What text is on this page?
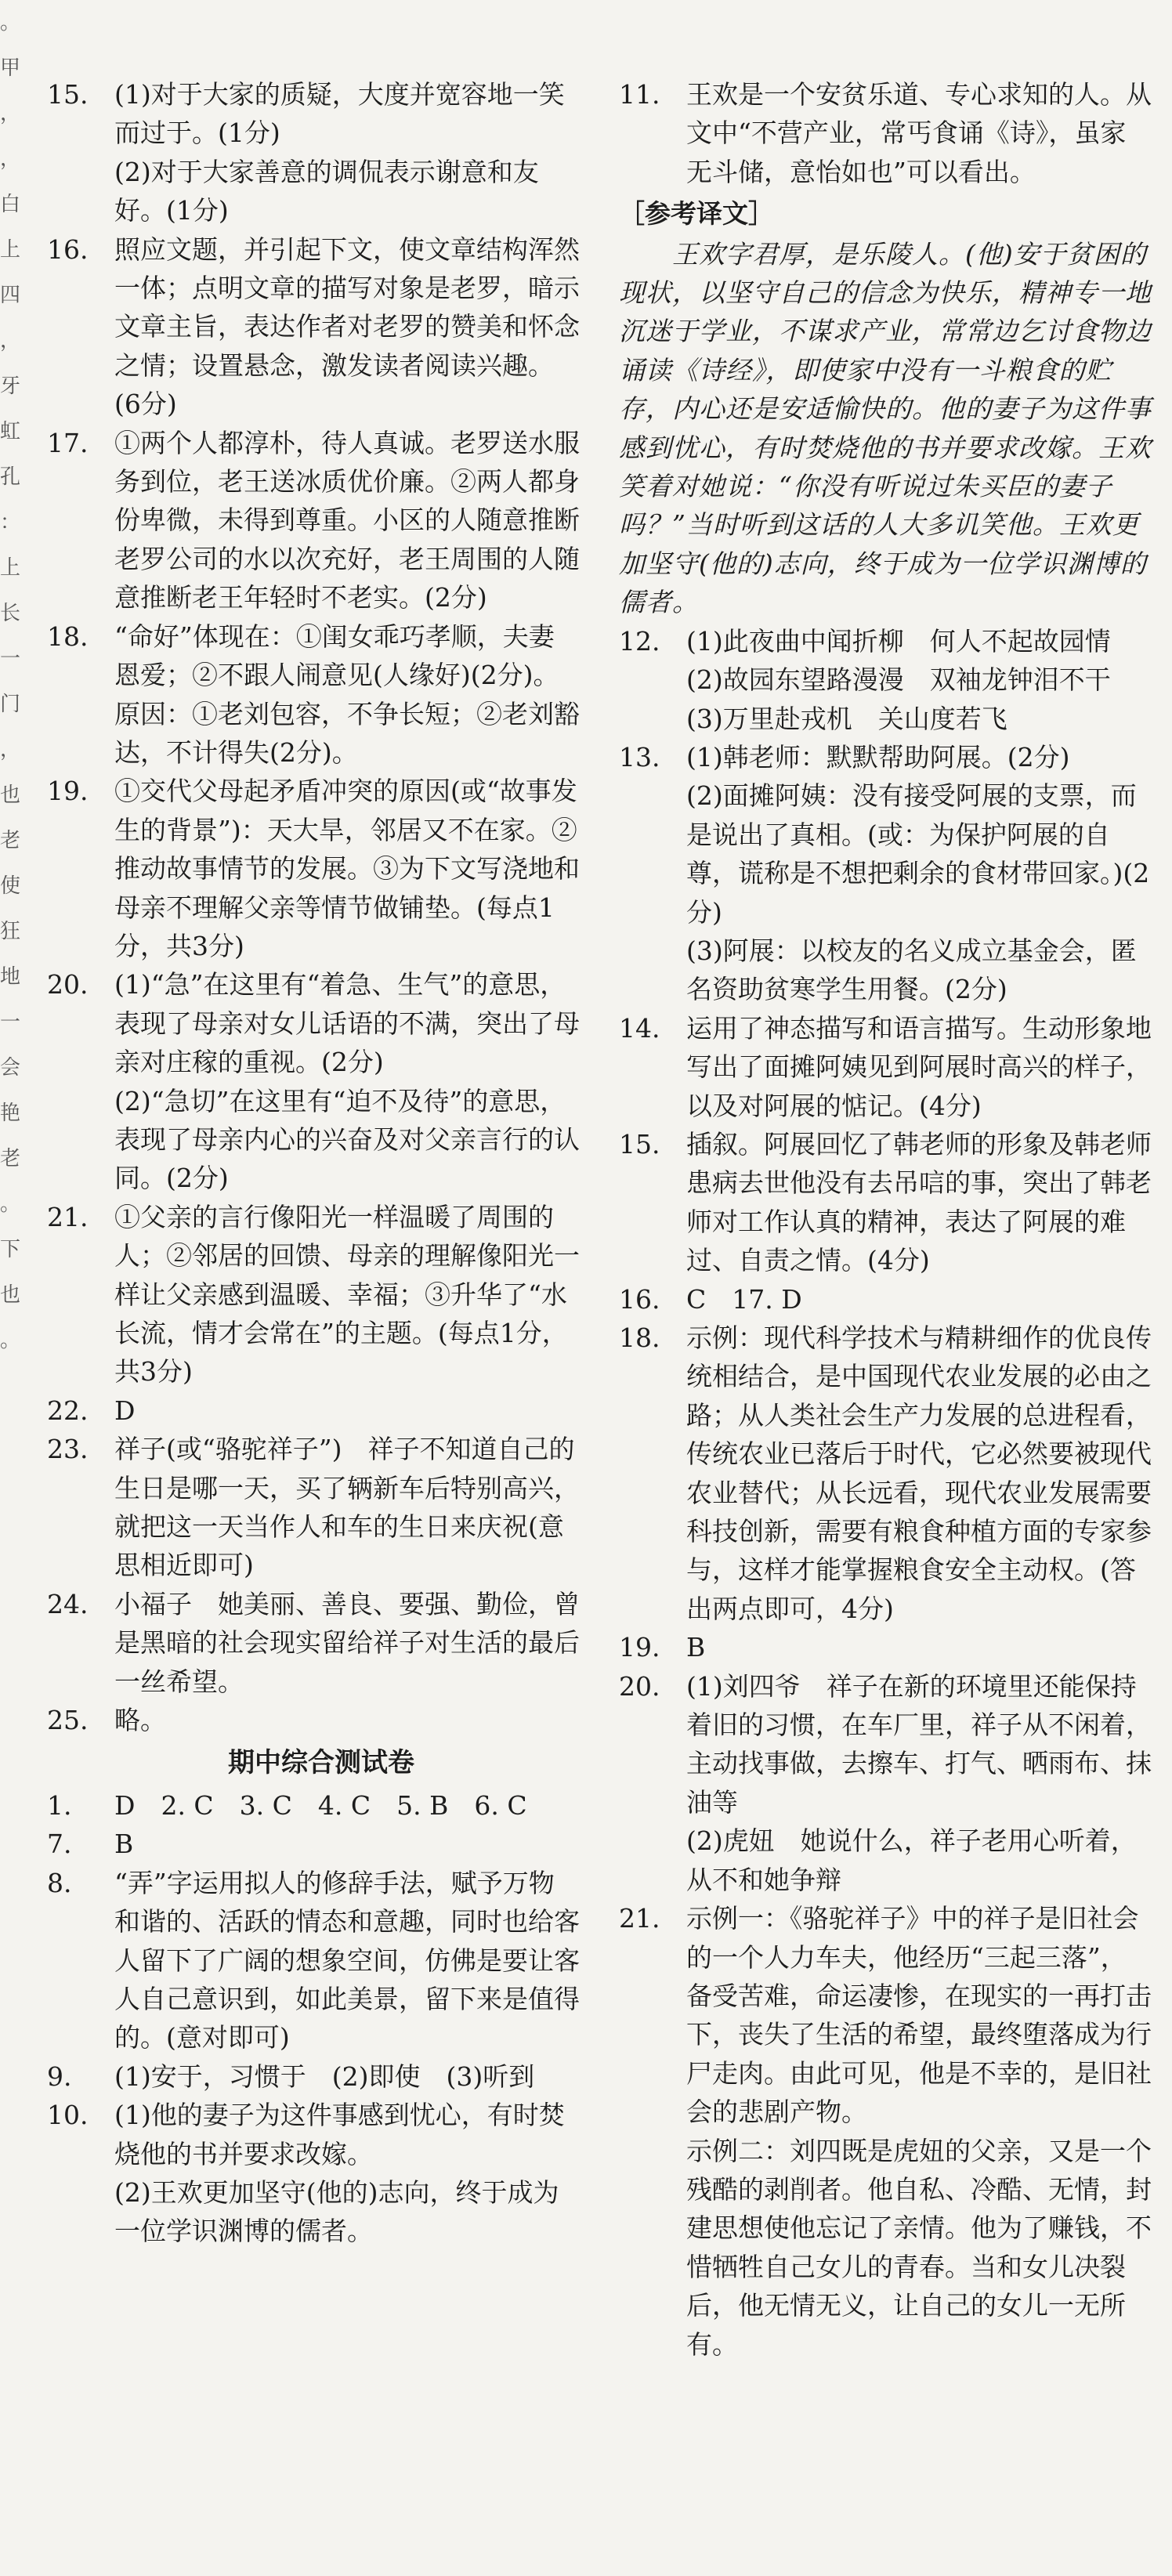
。
甲
，
，
白
上
四
，
牙
虹
孔
：
上
长
一
门
，
也
老
使
狂
地
一
会
艳
老
。
下
也
。
15. (1)对于大家的质疑，大度并宽容地一笑而过于。(1分)

(2)对于大家善意的调侃表示谢意和友好。(1分)

16. 照应文题，并引起下文，使文章结构浑然一体；点明文章的描写对象是老罗，暗示文章主旨，表达作者对老罗的赞美和怀念之情；设置悬念，激发读者阅读兴趣。(6分)

17. ①两个人都淳朴，待人真诚。老罗送水服务到位，老王送冰质优价廉。②两人都身份卑微，未得到尊重。小区的人随意推断老罗公司的水以次充好，老王周围的人随意推断老王年轻时不老实。(2分)

18. “命好”体现在：①闺女乖巧孝顺，夫妻恩爱；②不跟人闹意见(人缘好)(2分)。

原因：①老刘包容，不争长短；②老刘豁达，不计得失(2分)。

19. ①交代父母起矛盾冲突的原因(或“故事发生的背景”)：天大旱，邻居又不在家。②推动故事情节的发展。③为下文写浇地和母亲不理解父亲等情节做铺垫。(每点1分，共3分)

20. (1)“急”在这里有“着急、生气”的意思，表现了母亲对女儿话语的不满，突出了母亲对庄稼的重视。(2分)

(2)“急切”在这里有“迫不及待”的意思，表现了母亲内心的兴奋及对父亲言行的认同。(2分)

21. ①父亲的言行像阳光一样温暖了周围的人；②邻居的回馈、母亲的理解像阳光一样让父亲感到温暖、幸福；③升华了“水长流，情才会常在”的主题。(每点1分，共3分)

22. D

23. 祥子(或“骆驼祥子”)　祥子不知道自己的生日是哪一天，买了辆新车后特别高兴，就把这一天当作人和车的生日来庆祝(意思相近即可)

24. 小福子　她美丽、善良、要强、勤俭，曾是黑暗的社会现实留给祥子对生活的最后一丝希望。

25. 略。

期中综合测试卷
1. D　2. C　3. C　4. C　5. B　6. C

7. B

8. “弄”字运用拟人的修辞手法，赋予万物和谐的、活跃的情态和意趣，同时也给客人留下了广阔的想象空间，仿佛是要让客人自己意识到，如此美景，留下来是值得的。(意对即可)

9. (1)安于，习惯于　(2)即使　(3)听到

10. (1)他的妻子为这件事感到忧心，有时焚烧他的书并要求改嫁。

(2)王欢更加坚守(他的)志向，终于成为一位学识渊博的儒者。

11. 王欢是一个安贫乐道、专心求知的人。从文中“不营产业，常丐食诵《诗》，虽家无斗储，意怡如也”可以看出。

［参考译文］

王欢字君厚，是乐陵人。(他)安于贫困的现状，以坚守自己的信念为快乐，精神专一地沉迷于学业，不谋求产业，常常边乞讨食物边诵读《诗经》，即使家中没有一斗粮食的贮存，内心还是安适愉快的。他的妻子为这件事感到忧心，有时焚烧他的书并要求改嫁。王欢笑着对她说：“你没有听说过朱买臣的妻子吗？”当时听到这话的人大多讥笑他。王欢更加坚守(他的)志向，终于成为一位学识渊博的儒者。

12. (1)此夜曲中闻折柳　何人不起故园情

(2)故园东望路漫漫　双袖龙钟泪不干

(3)万里赴戎机　关山度若飞

13. (1)韩老师：默默帮助阿展。(2分)

(2)面摊阿姨：没有接受阿展的支票，而是说出了真相。(或：为保护阿展的自尊，谎称是不想把剩余的食材带回家。)(2分)

(3)阿展：以校友的名义成立基金会，匿名资助贫寒学生用餐。(2分)

14. 运用了神态描写和语言描写。生动形象地写出了面摊阿姨见到阿展时高兴的样子，以及对阿展的惦记。(4分)

15. 插叙。阿展回忆了韩老师的形象及韩老师患病去世他没有去吊唁的事，突出了韩老师对工作认真的精神，表达了阿展的难过、自责之情。(4分)

16. C　17. D

18. 示例：现代科学技术与精耕细作的优良传统相结合，是中国现代农业发展的必由之路；从人类社会生产力发展的总进程看，传统农业已落后于时代，它必然要被现代农业替代；从长远看，现代农业发展需要科技创新，需要有粮食种植方面的专家参与，这样才能掌握粮食安全主动权。(答出两点即可，4分)

19. B

20. (1)刘四爷　祥子在新的环境里还能保持着旧的习惯，在车厂里，祥子从不闲着，主动找事做，去擦车、打气、晒雨布、抹油等

(2)虎妞　她说什么，祥子老用心听着，从不和她争辩

21. 示例一：《骆驼祥子》中的祥子是旧社会的一个人力车夫，他经历“三起三落”，备受苦难，命运凄惨，在现实的一再打击下，丧失了生活的希望，最终堕落成为行尸走肉。由此可见，他是不幸的，是旧社会的悲剧产物。

示例二：刘四既是虎妞的父亲，又是一个残酷的剥削者。他自私、冷酷、无情，封建思想使他忘记了亲情。他为了赚钱，不惜牺牲自己女儿的青春。当和女儿决裂后，他无情无义，让自己的女儿一无所有。
